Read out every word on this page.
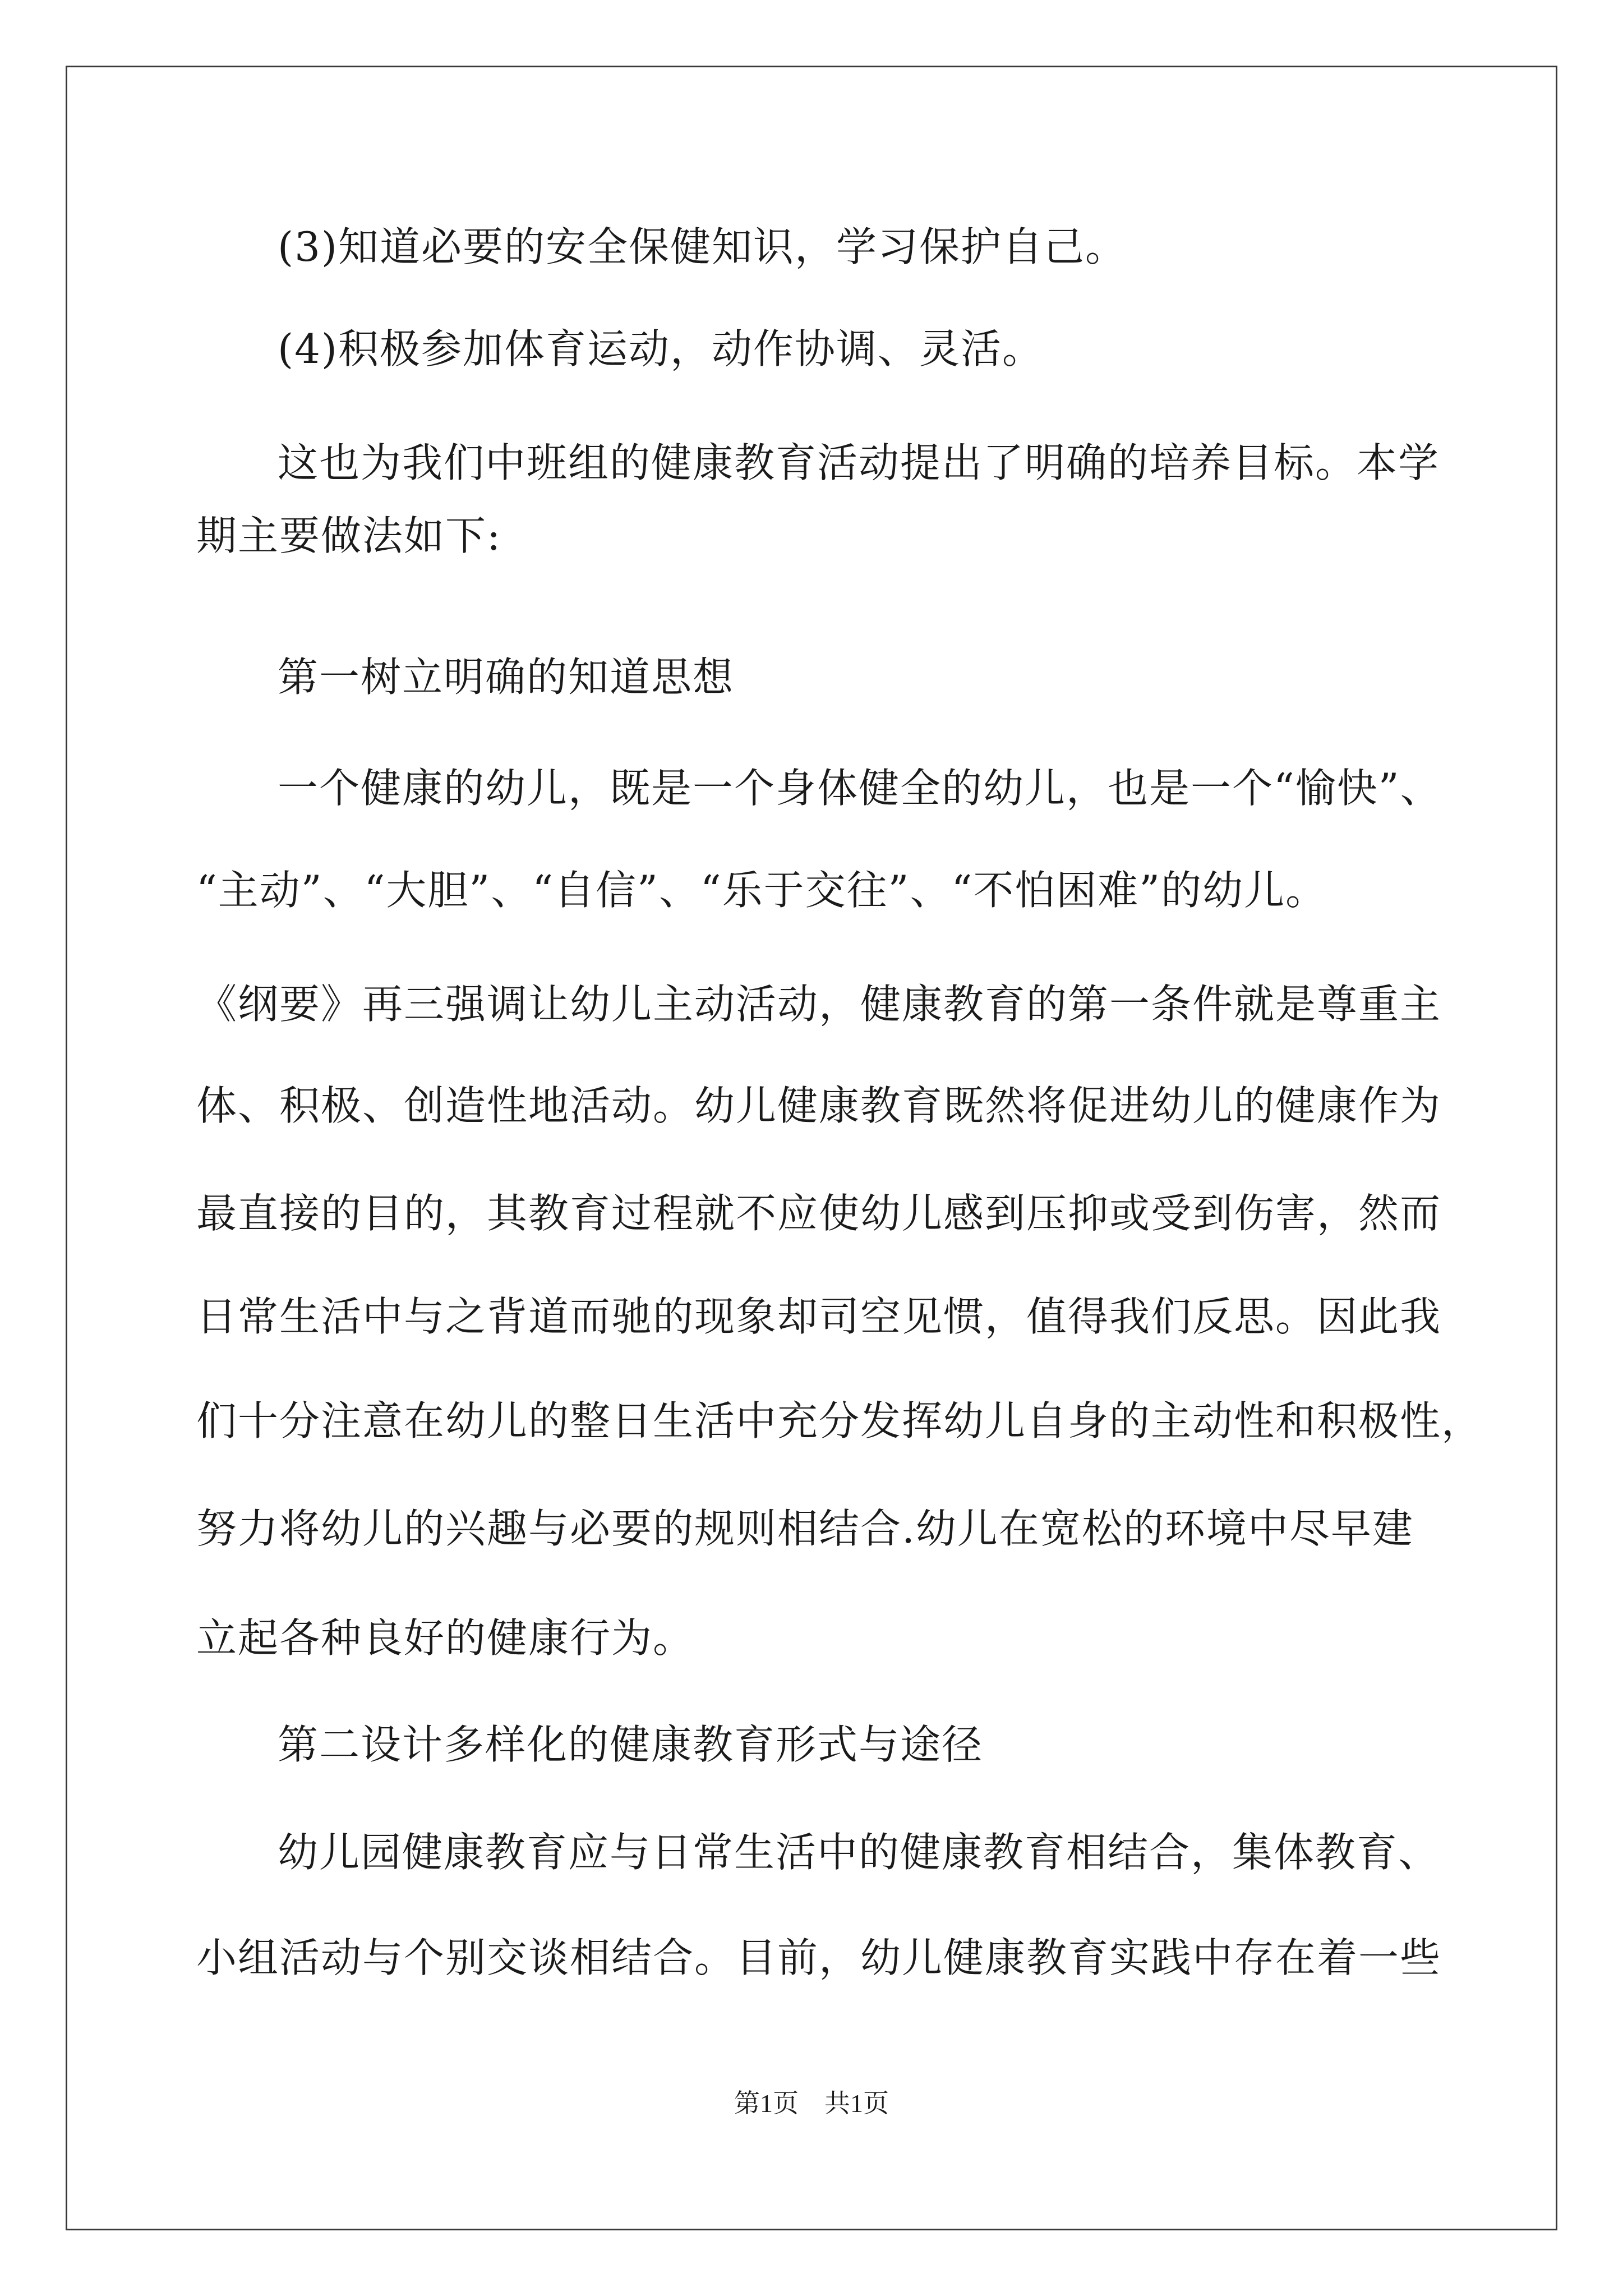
(3)知道必要的安全保健知识，学习保护自己。
(4)积极参加体育运动，动作协调、灵活。
这也为我们中班组的健康教育活动提出了明确的培养目标。本学
期主要做法如下:
第一树立明确的知道思想
一个健康的幼儿，既是一个身体健全的幼儿，也是一个“愉快”、
“主动”、“大胆”、“自信”、“乐于交往”、“不怕困难”的幼儿。
《纲要》再三强调让幼儿主动活动，健康教育的第一条件就是尊重主
体、积极、创造性地活动。幼儿健康教育既然将促进幼儿的健康作为
最直接的目的，其教育过程就不应使幼儿感到压抑或受到伤害，然而
日常生活中与之背道而驰的现象却司空见惯，值得我们反思。因此我
们十分注意在幼儿的整日生活中充分发挥幼儿自身的主动性和积极性，
努力将幼儿的兴趣与必要的规则相结合.幼儿在宽松的环境中尽早建
立起各种良好的健康行为。
第二设计多样化的健康教育形式与途径
幼儿园健康教育应与日常生活中的健康教育相结合，集体教育、
小组活动与个别交谈相结合。目前，幼儿健康教育实践中存在着一些
第1页　共1页
